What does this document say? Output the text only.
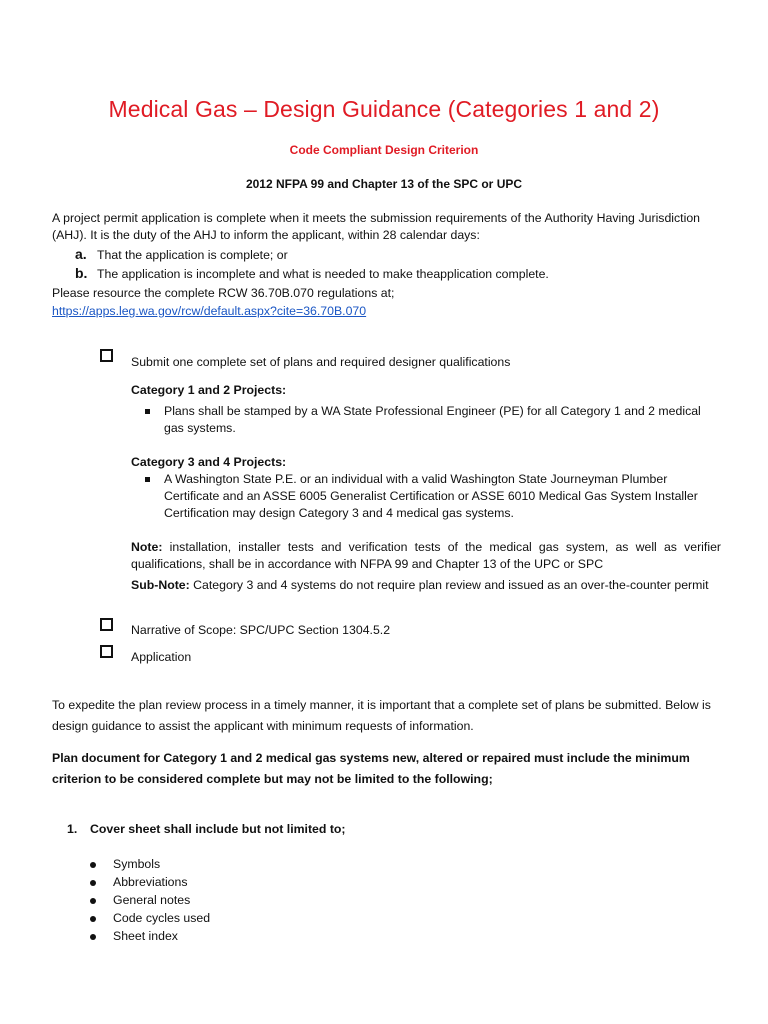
Medical Gas – Design Guidance (Categories 1 and 2)
Code Compliant Design Criterion
2012 NFPA 99 and Chapter 13 of the SPC or UPC
A project permit application is complete when it meets the submission requirements of the Authority Having Jurisdiction (AHJ). It is the duty of the AHJ to inform the applicant, within 28 calendar days:
a. That the application is complete; or
b. The application is incomplete and what is needed to make theapplication complete.
Please resource the complete RCW 36.70B.070 regulations at;
https://apps.leg.wa.gov/rcw/default.aspx?cite=36.70B.070
Submit one complete set of plans and required designer qualifications
Category 1 and 2 Projects:
Plans shall be stamped by a WA State Professional Engineer (PE) for all Category 1 and 2 medical gas systems.
Category 3 and 4 Projects:
A Washington State P.E. or an individual with a valid Washington State Journeyman Plumber Certificate and an ASSE 6005 Generalist Certification or ASSE 6010 Medical Gas System Installer Certification may design Category 3 and 4 medical gas systems.
Note: installation, installer tests and verification tests of the medical gas system, as well as verifier qualifications, shall be in accordance with NFPA 99 and Chapter 13 of the UPC or SPC
Sub-Note: Category 3 and 4 systems do not require plan review and issued as an over-the-counter permit
Narrative of Scope: SPC/UPC Section 1304.5.2
Application
To expedite the plan review process in a timely manner, it is important that a complete set of plans be submitted. Below is design guidance to assist the applicant with minimum requests of information.
Plan document for Category 1 and 2 medical gas systems new, altered or repaired must include the minimum criterion to be considered complete but may not be limited to the following;
1. Cover sheet shall include but not limited to;
Symbols
Abbreviations
General notes
Code cycles used
Sheet index
